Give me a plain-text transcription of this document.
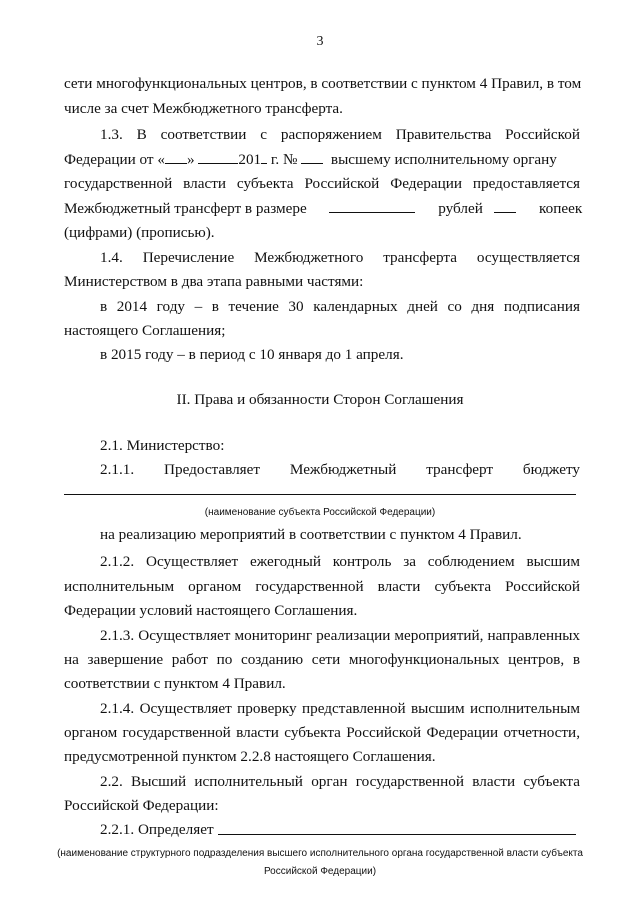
3
сети многофункциональных центров, в соответствии с пунктом 4 Правил, в том
числе за счет Межбюджетного трансферта.
1.3. В соответствии с распоряжением Правительства Российской
Федерации от « »	201 г. № высшему исполнительному органу
государственной власти субъекта Российской Федерации предоставляется
Межбюджетный трансферт в размере	рублей	копеек
(цифрами) (прописью).
1.4. Перечисление Межбюджетного трансферта осуществляется
Министерством в два этапа равными частями:
в 2014 году – в течение 30 календарных дней со дня подписания
настоящего Соглашения;
в 2015 году – в период с 10 января до 1 апреля.
II. Права и обязанности Сторон Соглашения
2.1. Министерство:
2.1.1. Предоставляет Межбюджетный трансферт бюджету
(наименование субъекта Российской Федерации)
на реализацию мероприятий в соответствии с пунктом 4 Правил.
2.1.2. Осуществляет ежегодный контроль за соблюдением высшим
исполнительным органом государственной власти субъекта Российской
Федерации условий настоящего Соглашения.
2.1.3. Осуществляет мониторинг реализации мероприятий, направленных
на завершение работ по созданию сети многофункциональных центров, в
соответствии с пунктом 4 Правил.
2.1.4. Осуществляет проверку представленной высшим исполнительным
органом государственной власти субъекта Российской Федерации отчетности,
предусмотренной пунктом 2.2.8 настоящего Соглашения.
2.2. Высший исполнительный орган государственной власти субъекта
Российской Федерации:
2.2.1. Определяет
(наименование структурного подразделения высшего исполнительного органа государственной власти субъекта
Российской Федерации)
